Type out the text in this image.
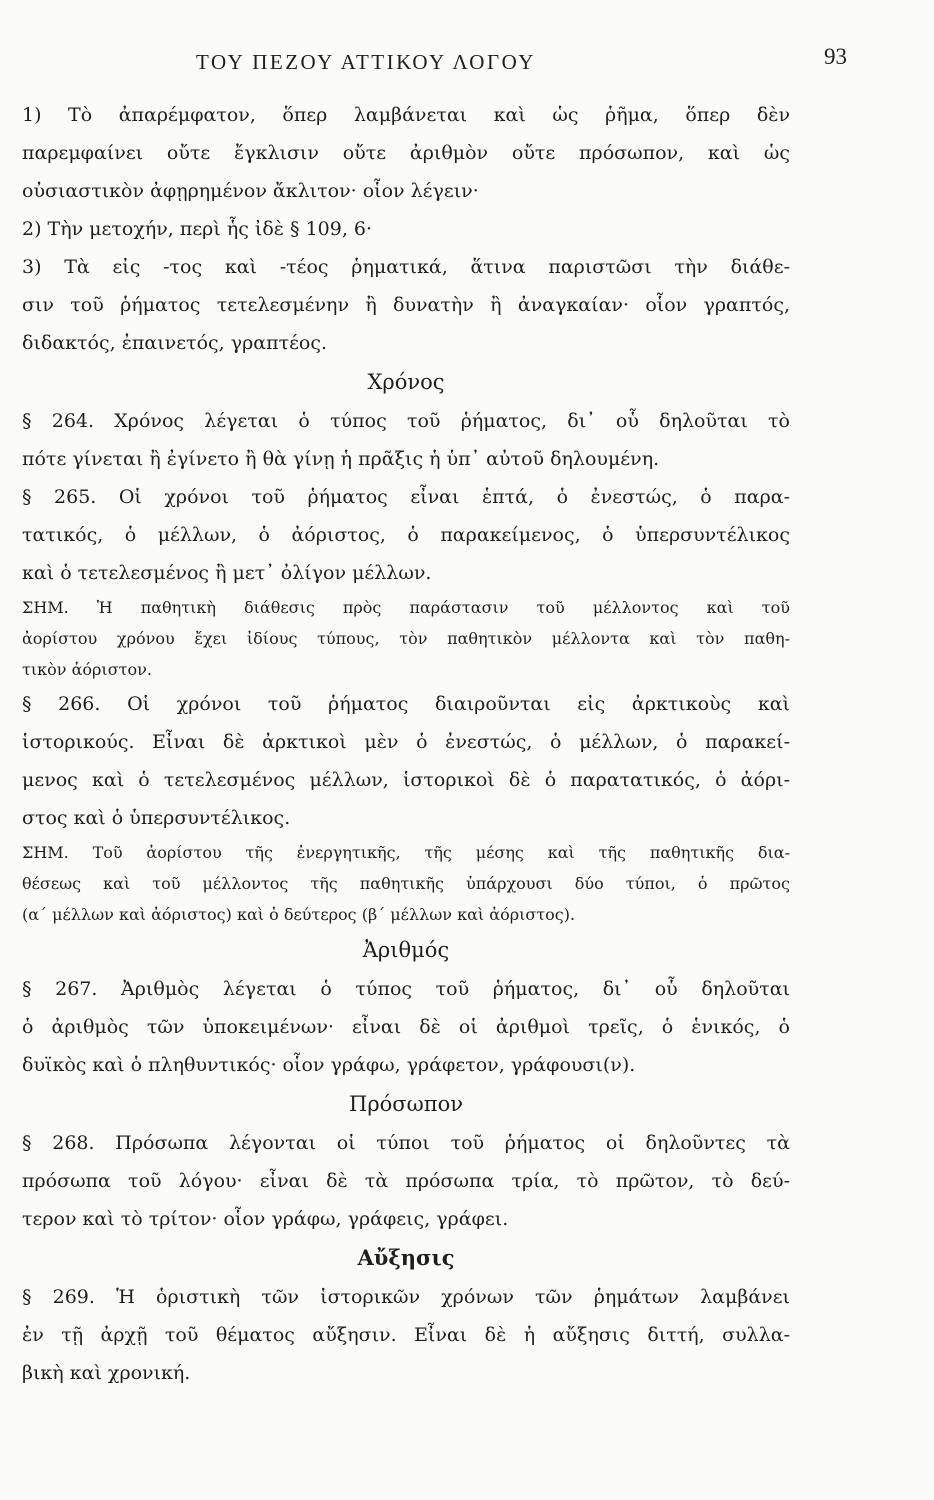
ΤΟΥ ΠΕΖΟΥ ΑΤΤΙΚΟΥ ΛΟΓΟΥ	93
1) Τὸ ἀπαρέμφατον, ὅπερ λαμβάνεται καὶ ὡς ῥῆμα, ὅπερ δὲν
παρεμφαίνει οὔτε ἔγκλισιν οὔτε ἀριθμὸν οὔτε πρόσωπον, καὶ ὡς
οὐσιαστικὸν ἀφῃρημένον ἄκλιτον· οἷον λέγειν·
2) Τὴν μετοχήν, περὶ ἧς ἰδὲ § 109, 6·
3) Τὰ εἰς -τος καὶ -τέος ῥηματικά, ἅτινα παριστῶσι τὴν διάθε-
σιν τοῦ ῥήματος τετελεσμένην ἢ δυνατὴν ἢ ἀναγκαίαν· οἷον γραπτός,
διδακτός, ἐπαινετός, γραπτέος.
Χρόνος
§ 264. Χρόνος λέγεται ὁ τύπος τοῦ ῥήματος, δι᾽ οὗ δηλοῦται τὸ
πότε γίνεται ἢ ἐγίνετο ἢ θὰ γίνῃ ἡ πρᾶξις ἡ ὑπ᾽ αὐτοῦ δηλουμένη.
§ 265. Οἱ χρόνοι τοῦ ῥήματος εἶναι ἑπτά, ὁ ἐνεστώς, ὁ παρα-
τατικός, ὁ μέλλων, ὁ ἀόριστος, ὁ παρακείμενος, ὁ ὑπερσυντέλικος
καὶ ὁ τετελεσμένος ἢ μετ᾽ ὀλίγον μέλλων.
ΣΗΜ. Ἡ παθητικὴ διάθεσις πρὸς παράστασιν τοῦ μέλλοντος καὶ τοῦ
ἀορίστου χρόνου ἔχει ἰδίους τύπους, τὸν παθητικὸν μέλλοντα καὶ τὸν παθη-
τικὸν ἀόριστον.
§ 266. Οἱ χρόνοι τοῦ ῥήματος διαιροῦνται εἰς ἀρκτικοὺς καὶ
ἱστορικούς. Εἶναι δὲ ἀρκτικοὶ μὲν ὁ ἐνεστώς, ὁ μέλλων, ὁ παρακεί-
μενος καὶ ὁ τετελεσμένος μέλλων, ἱστορικοὶ δὲ ὁ παρατατικός, ὁ ἀόρι-
στος καὶ ὁ ὑπερσυντέλικος.
ΣΗΜ. Τοῦ ἀορίστου τῆς ἐνεργητικῆς, τῆς μέσης καὶ τῆς παθητικῆς δια-
θέσεως καὶ τοῦ μέλλοντος τῆς παθητικῆς ὑπάρχουσι δύο τύποι, ὁ πρῶτος
(α΄ μέλλων καὶ ἀόριστος) καὶ ὁ δεύτερος (β΄ μέλλων καὶ ἀόριστος).
Ἀριθμός
§ 267. Ἀριθμὸς λέγεται ὁ τύπος τοῦ ῥήματος, δι᾽ οὗ δηλοῦται
ὁ ἀριθμὸς τῶν ὑποκειμένων· εἶναι δὲ οἱ ἀριθμοὶ τρεῖς, ὁ ἑνικός, ὁ
δυϊκὸς καὶ ὁ πληθυντικός· οἷον γράφω, γράφετον, γράφουσι(ν).
Πρόσωπον
§ 268. Πρόσωπα λέγονται οἱ τύποι τοῦ ῥήματος οἱ δηλοῦντες τὰ
πρόσωπα τοῦ λόγου· εἶναι δὲ τὰ πρόσωπα τρία, τὸ πρῶτον, τὸ δεύ-
τερον καὶ τὸ τρίτον· οἷον γράφω, γράφεις, γράφει.
Αὔξησις
§ 269. Ἡ ὁριστικὴ τῶν ἱστορικῶν χρόνων τῶν ῥημάτων λαμβάνει
ἐν τῇ ἀρχῇ τοῦ θέματος αὔξησιν. Εἶναι δὲ ἡ αὔξησις διττή, συλλα-
βικὴ καὶ χρονική.
